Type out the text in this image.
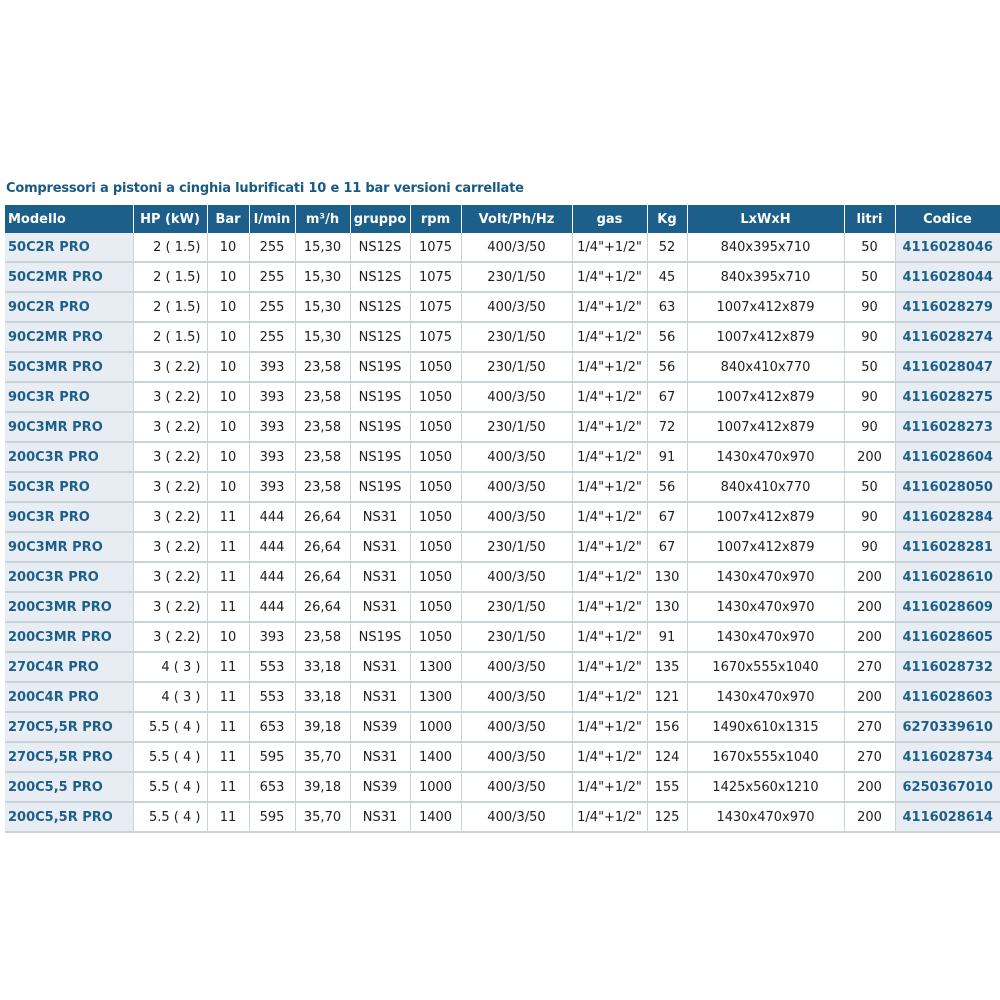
Compressori a pistoni a cinghia lubrificati 10 e 11 bar versioni carrellate
Modello	HP (kW)	Bar	l/min	m³/h	gruppo	rpm	Volt/Ph/Hz	gas	Kg	LxWxH	litri	Codice
50C2R PRO	2 ( 1.5)	10	255	15,30	NS12S	1075	400/3/50	1/4"+1/2"	52	840x395x710	50	4116028046
50C2MR PRO	2 ( 1.5)	10	255	15,30	NS12S	1075	230/1/50	1/4"+1/2"	45	840x395x710	50	4116028044
90C2R PRO	2 ( 1.5)	10	255	15,30	NS12S	1075	400/3/50	1/4"+1/2"	63	1007x412x879	90	4116028279
90C2MR PRO	2 ( 1.5)	10	255	15,30	NS12S	1075	230/1/50	1/4"+1/2"	56	1007x412x879	90	4116028274
50C3MR PRO	3 ( 2.2)	10	393	23,58	NS19S	1050	230/1/50	1/4"+1/2"	56	840x410x770	50	4116028047
90C3R PRO	3 ( 2.2)	10	393	23,58	NS19S	1050	400/3/50	1/4"+1/2"	67	1007x412x879	90	4116028275
90C3MR PRO	3 ( 2.2)	10	393	23,58	NS19S	1050	230/1/50	1/4"+1/2"	72	1007x412x879	90	4116028273
200C3R PRO	3 ( 2.2)	10	393	23,58	NS19S	1050	400/3/50	1/4"+1/2"	91	1430x470x970	200	4116028604
50C3R PRO	3 ( 2.2)	10	393	23,58	NS19S	1050	400/3/50	1/4"+1/2"	56	840x410x770	50	4116028050
90C3R PRO	3 ( 2.2)	11	444	26,64	NS31	1050	400/3/50	1/4"+1/2"	67	1007x412x879	90	4116028284
90C3MR PRO	3 ( 2.2)	11	444	26,64	NS31	1050	230/1/50	1/4"+1/2"	67	1007x412x879	90	4116028281
200C3R PRO	3 ( 2.2)	11	444	26,64	NS31	1050	400/3/50	1/4"+1/2"	130	1430x470x970	200	4116028610
200C3MR PRO	3 ( 2.2)	11	444	26,64	NS31	1050	230/1/50	1/4"+1/2"	130	1430x470x970	200	4116028609
200C3MR PRO	3 ( 2.2)	10	393	23,58	NS19S	1050	230/1/50	1/4"+1/2"	91	1430x470x970	200	4116028605
270C4R PRO	4 ( 3 )	11	553	33,18	NS31	1300	400/3/50	1/4"+1/2"	135	1670x555x1040	270	4116028732
200C4R PRO	4 ( 3 )	11	553	33,18	NS31	1300	400/3/50	1/4"+1/2"	121	1430x470x970	200	4116028603
270C5,5R PRO	5.5 ( 4 )	11	653	39,18	NS39	1000	400/3/50	1/4"+1/2"	156	1490x610x1315	270	6270339610
270C5,5R PRO	5.5 ( 4 )	11	595	35,70	NS31	1400	400/3/50	1/4"+1/2"	124	1670x555x1040	270	4116028734
200C5,5 PRO	5.5 ( 4 )	11	653	39,18	NS39	1000	400/3/50	1/4"+1/2"	155	1425x560x1210	200	6250367010
200C5,5R PRO	5.5 ( 4 )	11	595	35,70	NS31	1400	400/3/50	1/4"+1/2"	125	1430x470x970	200	4116028614
